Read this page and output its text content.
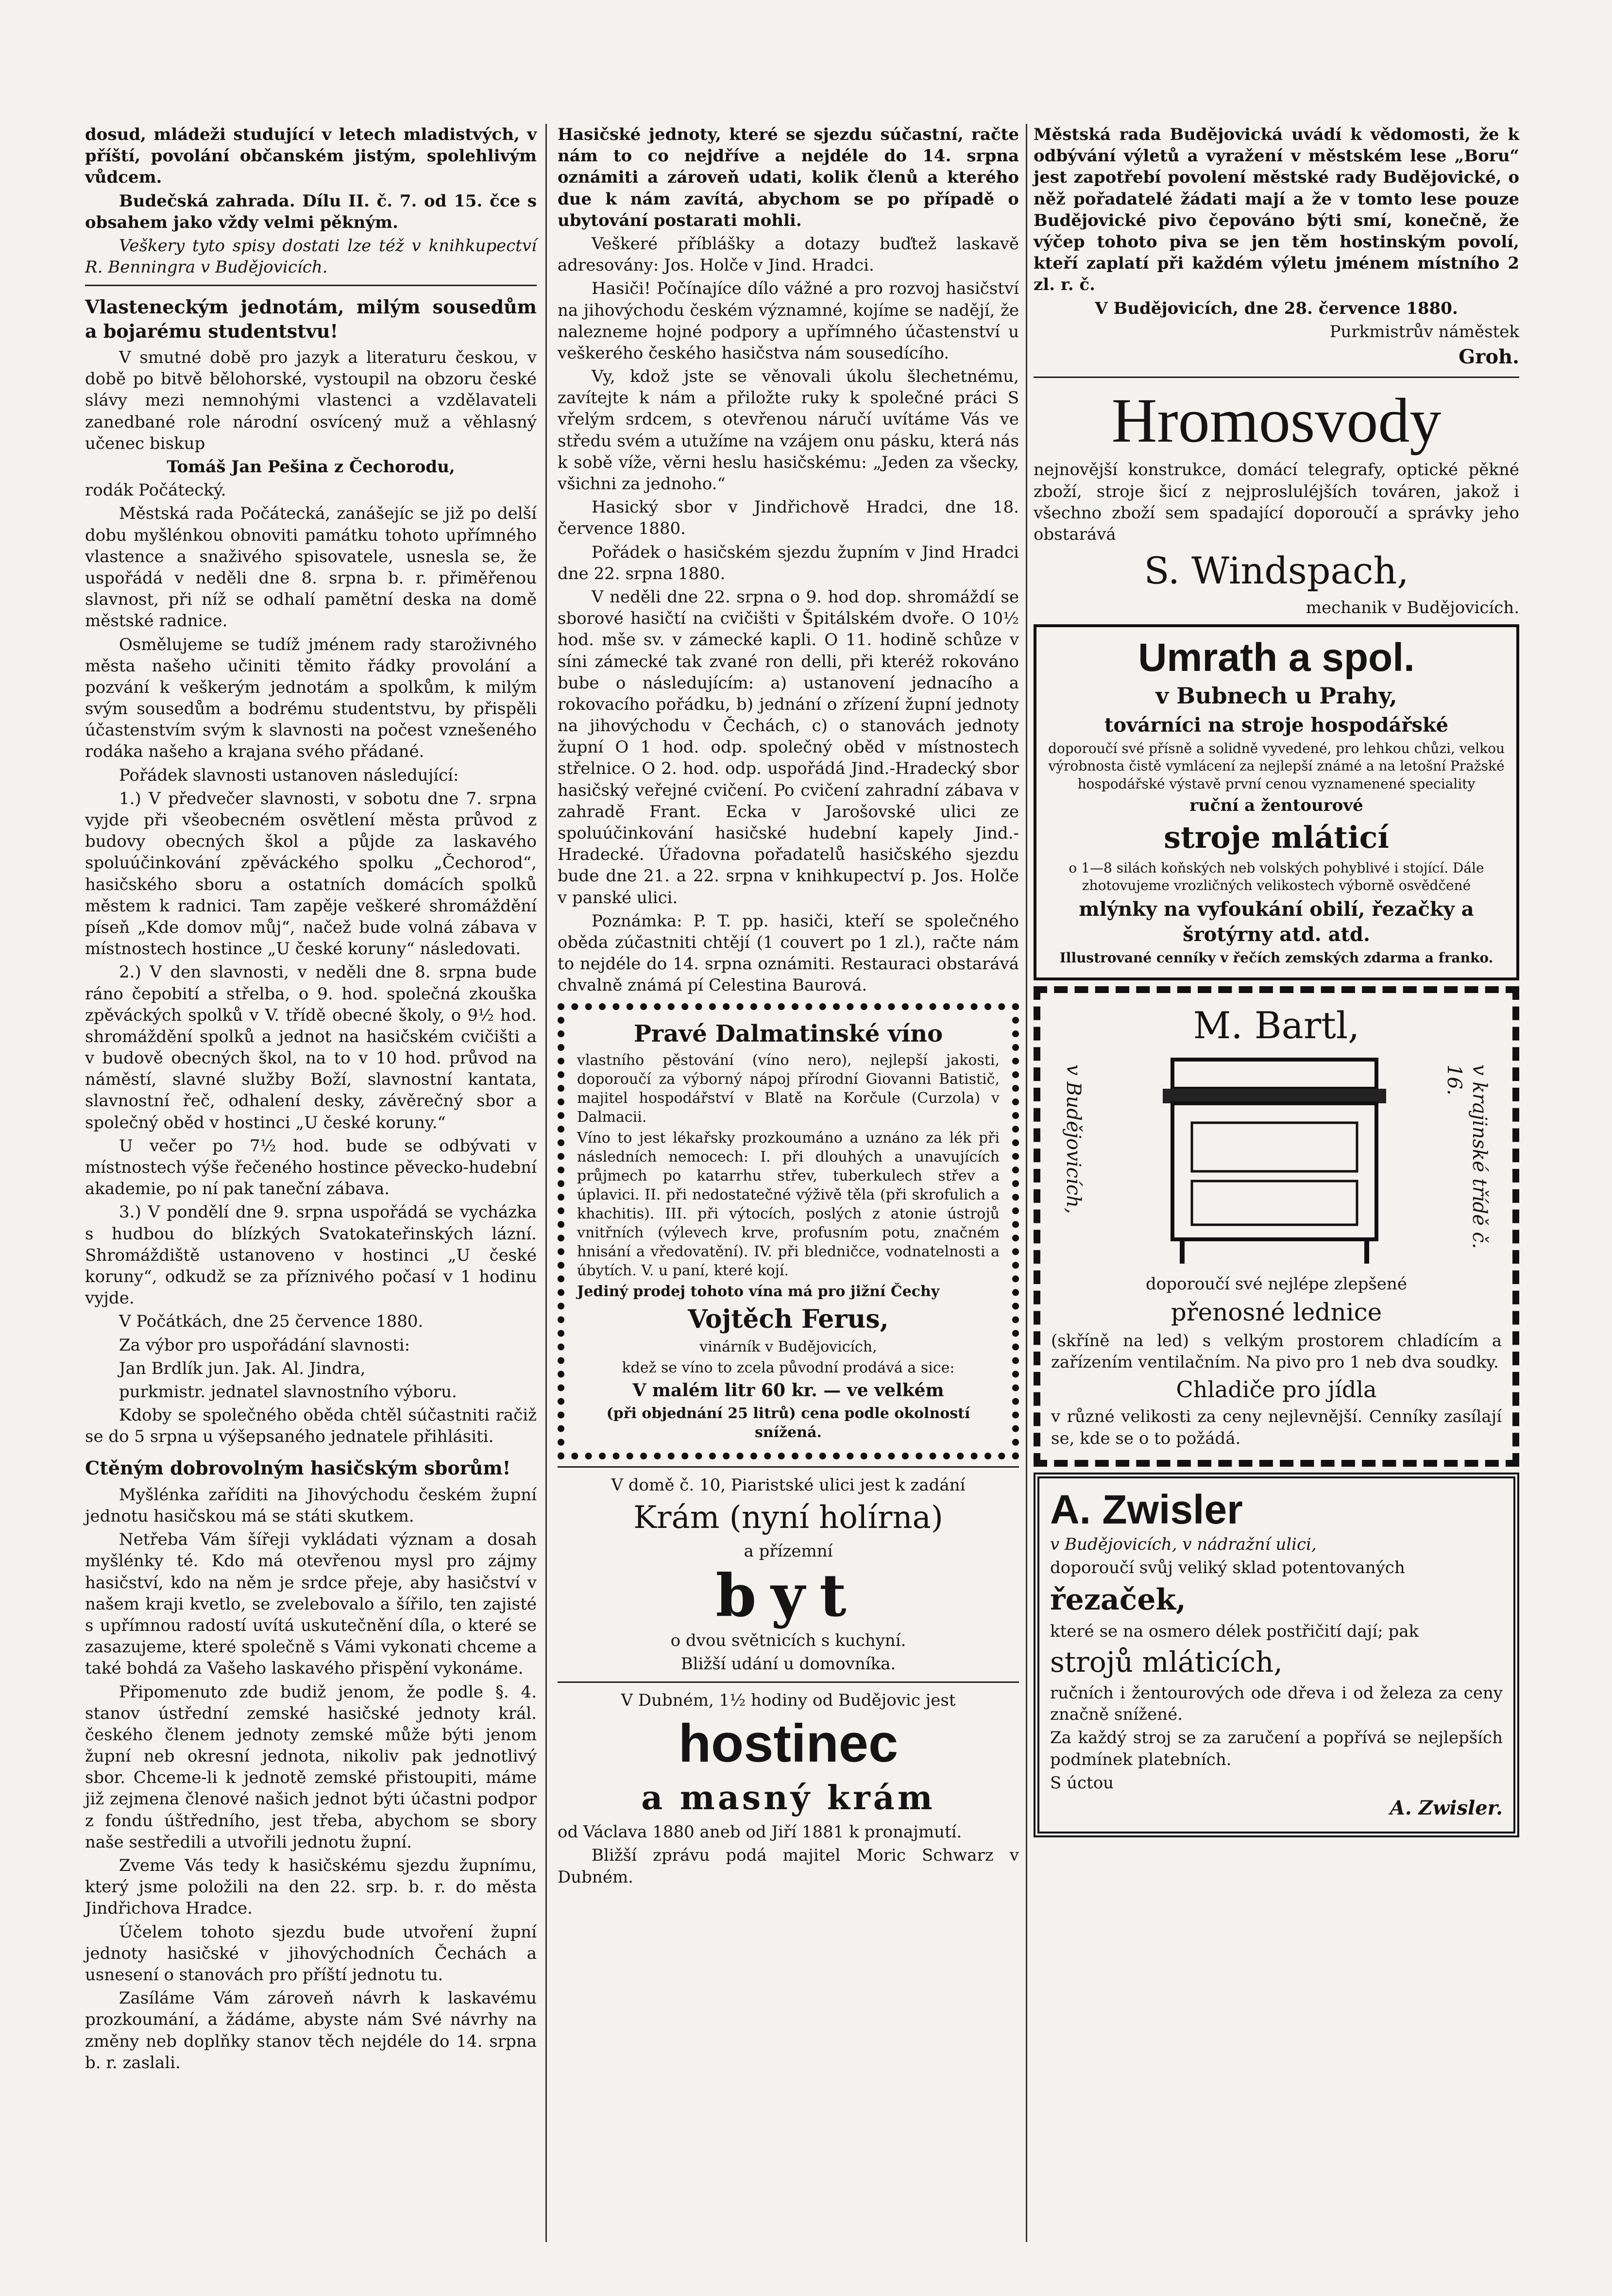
dosud, mládeži studující v letech mladistvých, v příští, povolání občanském jistým, spolehlivým vůdcem.

Budečská zahrada. Dílu II. č. 7. od 15. čce s obsahem jako vždy velmi pěkným.

Veškery tyto spisy dostati lze též v knihkupectví R. Benningra v Budějovicích.

Vlasteneckým jednotám, milým sousedům a bojarému studentstvu!

V smutné době pro jazyk a literaturu českou, v době po bitvě bělohorské, vystoupil na obzoru české slávy mezi nemnohými vlastenci a vzdělavateli zanedbané role národní osvícený muž a věhlasný učenec biskup

Tomáš Jan Pešina z Čechorodu,

rodák Počátecký.

Městská rada Počátecká, zanášejíc se již po delší dobu myšlénkou obnoviti památku tohoto upřímného vlastence a snaživého spisovatele, usnesla se, že uspořádá v neděli dne 8. srpna b. r. přiměřenou slavnost, při níž se odhalí pamětní deska na domě městské radnice.

Osmělujeme se tudíž jménem rady staroživného města našeho učiniti těmito řádky provolání a pozvání k veškerým jednotám a spolkům, k milým svým sousedům a bodrému studentstvu, by přispěli účastenstvím svým k slavnosti na počest vznešeného rodáka našeho a krajana svého přádané.

Pořádek slavnosti ustanoven následující:

1.) V předvečer slavnosti, v sobotu dne 7. srpna vyjde při všeobecném osvětlení města průvod z budovy obecných škol a půjde za laskavého spoluúčinkování zpěváckého spolku „Čechorod“, hasičského sboru a ostatních domácích spolků městem k radnici. Tam zapěje veškeré shromáždění píseň „Kde domov můj“, načež bude volná zábava v místnostech hostince „U české koruny“ následovati.

2.) V den slavnosti, v neděli dne 8. srpna bude ráno čepobití a střelba, o 9. hod. společná zkouška zpěváckých spolků v V. třídě obecné školy, o 9½ hod. shromáždění spolků a jednot na hasičském cvičišti a v budově obecných škol, na to v 10 hod. průvod na náměstí, slavné služby Boží, slavnostní kantata, slavnostní řeč, odhalení desky, závěrečný sbor a společný oběd v hostinci „U české koruny.“

U večer po 7½ hod. bude se odbývati v místnostech výše řečeného hostince pěvecko-hudební akademie, po ní pak taneční zábava.

3.) V pondělí dne 9. srpna uspořádá se vycházka s hudbou do blízkých Svatokateřinských lázní. Shromáždiště ustanoveno v hostinci „U české koruny“, odkudž se za příznivého počasí v 1 hodinu vyjde.

V Počátkách, dne 25 července 1880.

Za výbor pro uspořádání slavnosti:

Jan Brdlík jun. Jak. Al. Jindra,

purkmistr. jednatel slavnostního výboru.

Kdoby se společného oběda chtěl súčastniti račiž se do 5 srpna u výšepsaného jednatele přihlásiti.

Ctěným dobrovolným hasičským sborům!

Myšlénka zaříditi na Jihovýchodu českém župní jednotu hasičskou má se státi skutkem.

Netřeba Vám šířeji vykládati význam a dosah myšlénky té. Kdo má otevřenou mysl pro zájmy hasičství, kdo na něm je srdce přeje, aby hasičství v našem kraji kvetlo, se zvelebovalo a šířilo, ten zajisté s upřímnou radostí uvítá uskutečnění díla, o které se zasazujeme, které společně s Vámi vykonati chceme a také bohdá za Vašeho laskavého přispění vykonáme.

Připomenuto zde budiž jenom, že podle §. 4. stanov ústřední zemské hasičské jednoty král. českého členem jednoty zemské může býti jenom župní neb okresní jednota, nikoliv pak jednotlivý sbor. Chceme-li k jednotě zemské přistoupiti, máme již zejmena členové našich jednot býti účastni podpor z fondu úštředního, jest třeba, abychom se sbory naše sestředili a utvořili jednotu župní.

Zveme Vás tedy k hasičskému sjezdu župnímu, který jsme položili na den 22. srp. b. r. do města Jindřichova Hradce.

Účelem tohoto sjezdu bude utvoření župní jednoty hasičské v jihovýchodních Čechách a usnesení o stanovách pro příští jednotu tu.

Zasíláme Vám zároveň návrh k laskavému prozkoumání, a žádáme, abyste nám Své návrhy na změny neb doplňky stanov těch nejdéle do 14. srpna b. r. zaslali.

Hasičské jednoty, které se sjezdu súčastní, račte nám to co nejdříve a nejdéle do 14. srpna oznámiti a zároveň udati, kolik členů a kterého due k nám zavítá, abychom se po případě o ubytování postarati mohli.

Veškeré příblášky a dotazy buďtež laskavě adresovány: Jos. Holče v Jind. Hradci.

Hasiči! Počínajíce dílo vážné a pro rozvoj hasičství na jihovýchodu českém významné, kojíme se nadějí, že nalezneme hojné podpory a upřímného účastenství u veškerého českého hasičstva nám sousedícího.

Vy, kdož jste se věnovali úkolu šlechetnému, zavítejte k nám a přiložte ruky k společné práci S vřelým srdcem, s otevřenou náručí uvítáme Vás ve středu svém a utužíme na vzájem onu pásku, která nás k sobě víže, věrni heslu hasičskému: „Jeden za všecky, všichni za jednoho.“

Hasický sbor v Jindřichově Hradci, dne 18. července 1880.

Pořádek o hasičském sjezdu župním v Jind Hradci dne 22. srpna 1880.

V neděli dne 22. srpna o 9. hod dop. shromáždí se sborové hasičtí na cvičišti v Špitálském dvoře. O 10½ hod. mše sv. v zámecké kapli. O 11. hodině schůze v síni zámecké tak zvané ron delli, při kteréž rokováno bube o následujícím: a) ustanovení jednacího a rokovacího pořádku, b) jednání o zřízení župní jednoty na jihovýchodu v Čechách, c) o stanovách jednoty župní O 1 hod. odp. společný oběd v místnostech střelnice. O 2. hod. odp. uspořádá Jind.-Hradecký sbor hasičský veřejné cvičení. Po cvičení zahradní zábava v zahradě Frant. Ecka v Jarošovské ulici ze spoluúčinkování hasičské hudební kapely Jind.-Hradecké. Úřadovna pořadatelů hasičského sjezdu bude dne 21. a 22. srpna v knihkupectví p. Jos. Holče v panské ulici.

Poznámka: P. T. pp. hasiči, kteří se společného oběda zúčastniti chtějí (1 couvert po 1 zl.), račte nám to nejdéle do 14. srpna oznámiti. Restauraci obstarává chvalně známá pí Celestina Baurová.

Pravé Dalmatinské víno

vlastního pěstování (víno nero), nejlepší jakosti, doporoučí za výborný nápoj přírodní Giovanni Batistič, majitel hospodářství v Blatě na Korčule (Curzola) v Dalmacii.

Víno to jest lékařsky prozkoumáno a uznáno za lék při následních nemocech: I. při dlouhých a unavujících průjmech po katarrhu střev, tuberkulech střev a úplavici. II. při nedostatečné výživě těla (při skrofulich a khachitis). III. při výtocích, poslých z atonie ústrojů vnitřních (výlevech krve, profusním potu, značném hnisání a vředovatění). IV. při bledničce, vodnatelnosti a úbytích. V. u paní, které kojí.

Jediný prodej tohoto vína má pro jižní Čechy

Vojtěch Ferus,

vinárník v Budějovicích,

kdež se víno to zcela původní prodává a sice:

V malém litr 60 kr. — ve velkém

(při objednání 25 litrů) cena podle okolností snížená.

V domě č. 10, Piaristské ulici jest k zadání

Krám (nyní holírna)

a přízemní

byt

o dvou světnicích s kuchyní.

Bližší udání u domovníka.

V Dubném, 1½ hodiny od Budějovic jest

hostinec

a masný krám

od Václava 1880 aneb od Jiří 1881 k pronajmutí.

Bližší zprávu podá majitel Moric Schwarz v Dubném.

Městská rada Budějovická uvádí k vědomosti, že k odbývání výletů a vyražení v městském lese „Boru“ jest zapotřebí povolení městské rady Budějovické, o něž pořadatelé žádati mají a že v tomto lese pouze Budějovické pivo čepováno býti smí, konečně, že výčep tohoto piva se jen těm hostinským povolí, kteří zaplatí při každém výletu jménem místního 2 zl. r. č.

V Budějovicích, dne 28. července 1880.

Purkmistrův náměstek

Groh.

Hromosvody

nejnovější konstrukce, domácí telegrafy, optické pěkné zboží, stroje šicí z nejprosluléjších továren, jakož i všechno zboží sem spadající doporoučí a správky jeho obstarává

S. Windspach,

mechanik v Budějovicích.

Umrath a spol.

v Bubnech u Prahy,

továrníci na stroje hospodářské

doporoučí své přísně a solidně vyvedené, pro lehkou chůzi, velkou výrobnosta čistě vymlácení za nejlepší známé a na letošní Pražské hospodářské výstavě první cenou vyznamenené speciality

ruční a žentourové

stroje mláticí

o 1—8 silách koňských neb volských pohyblivé i stojící. Dále zhotovujeme vrozličných velikostech výborně osvědčené

mlýnky na vyfoukání obilí, řezačky a šrotýrny atd. atd.

Illustrované cenníky v řečích zemských zdarma a franko.

M. Bartl,

v Budějovicích,	v krajinské třídě č. 16.

doporoučí své nejlépe zlepšené

přenosné lednice

(skříně na led) s velkým prostorem chladícím a zařízením ventilačním. Na pivo pro 1 neb dva soudky.

Chladiče pro jídla

v různé velikosti za ceny nejlevnější. Cenníky zasílají se, kde se o to požádá.

A. Zwisler

v Budějovicích, v nádražní ulici,

doporoučí svůj veliký sklad potentovaných

řezaček,

které se na osmero délek postřičití dají; pak

strojů mláticích,

ručních i žentourových ode dřeva i od železa za ceny značně snížené.

Za každý stroj se za zaručení a popřívá se nejlepších podmínek platebních.

S úctou

A. Zwisler.
